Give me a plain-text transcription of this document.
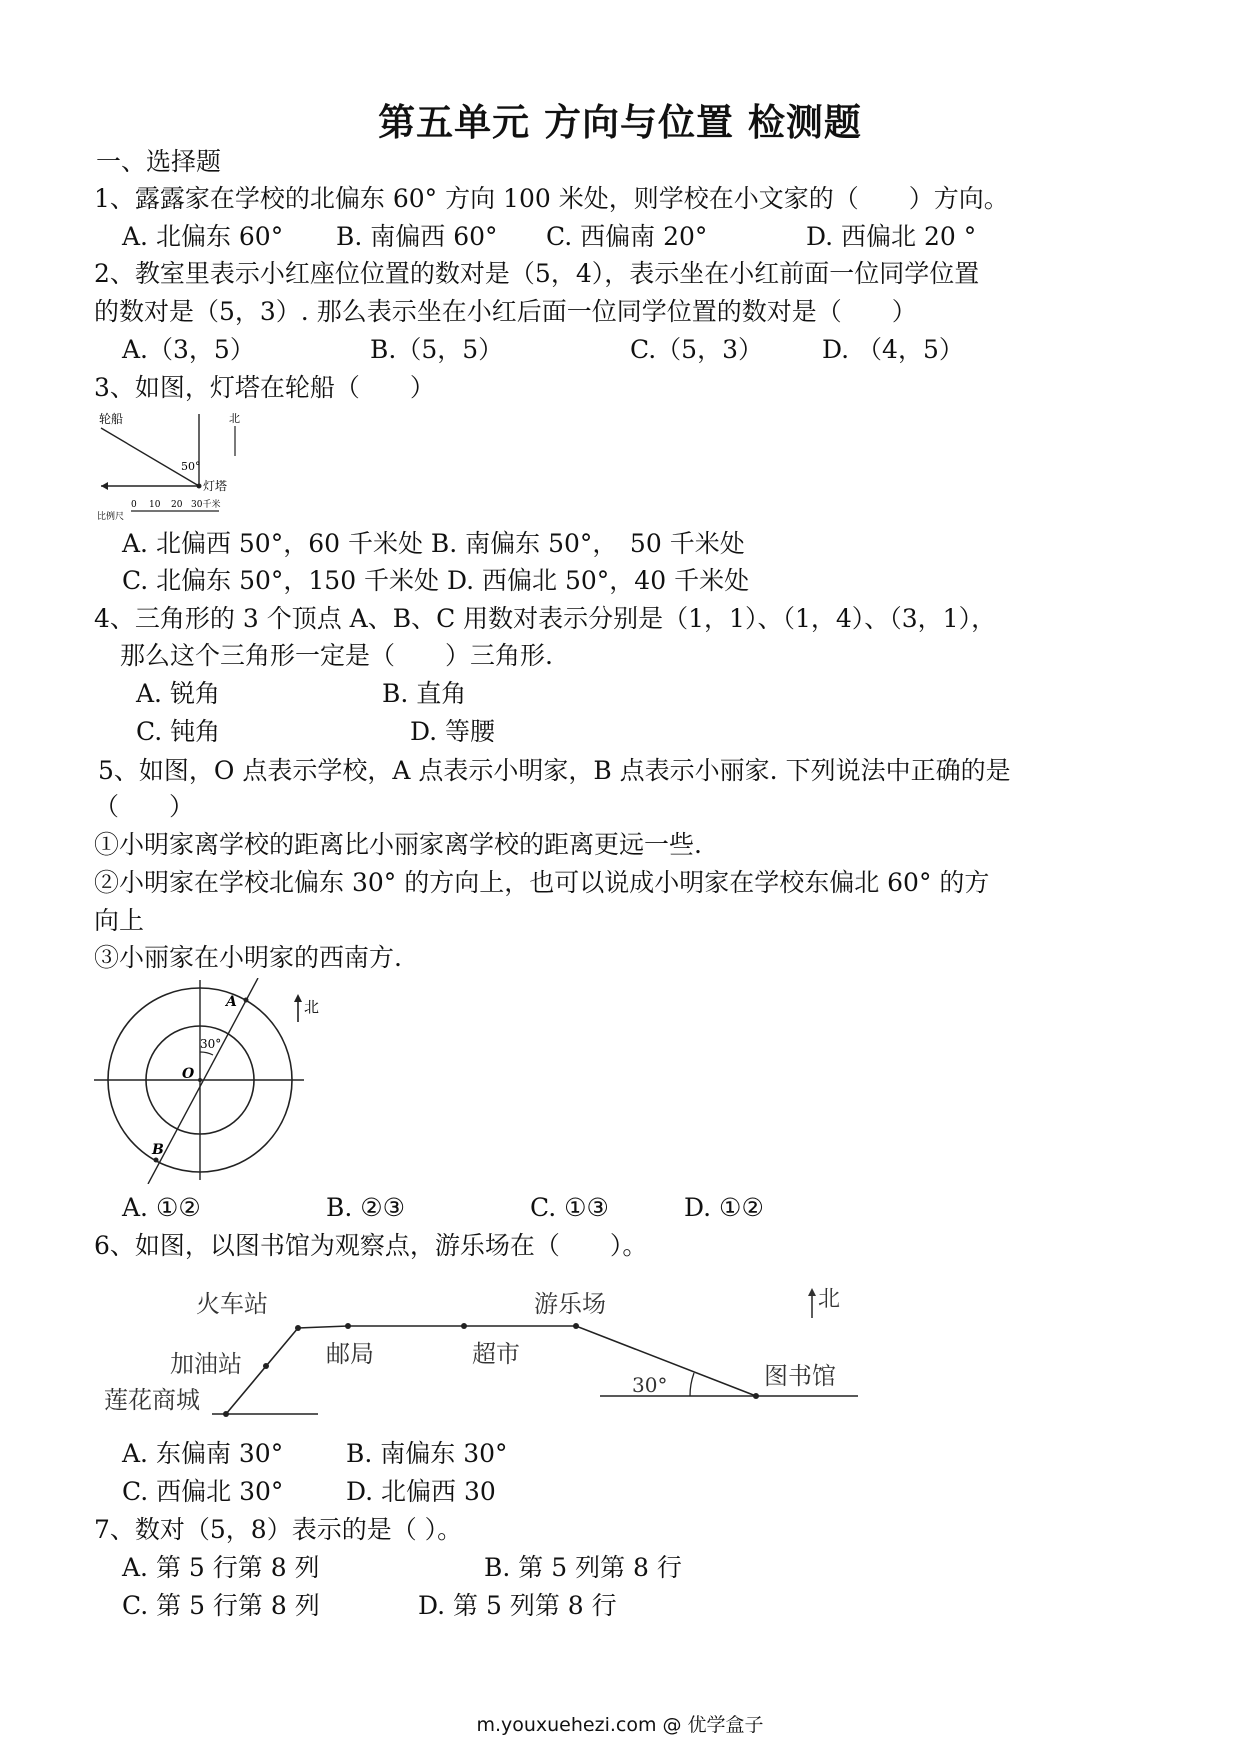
第五单元 方向与位置 检测题
一、选择题
1、露露家在学校的北偏东 60° 方向 100 米处，则学校在小文家的（　　）方向。
A. 北偏东 60° B. 南偏西 60° C. 西偏南 20°	D. 西偏北 20 °
2、教室里表示小红座位位置的数对是（5，4），表示坐在小红前面一位同学位置
的数对是（5，3）. 那么表示坐在小红后面一位同学位置的数对是（　　）
A.（3，5）	B.（5，5）	C.（5，3） D. （4，5）
3、如图，灯塔在轮船（　　）
轮船	北
50°
灯塔
比例尺
0 10 20 30千米
A. 北偏西 50°，60 千米处 B. 南偏东 50°，　50 千米处
C. 北偏东 50°，150 千米处 D. 西偏北 50°，40 千米处
4、三角形的 3 个顶点 A、B、C 用数对表示分别是（1，1）、（1，4）、（3，1），
那么这个三角形一定是（　　）三角形.
A. 锐角	B. 直角
C. 钝角	D. 等腰
5、如图，O 点表示学校，A 点表示小明家，B 点表示小丽家. 下列说法中正确的是
（　　）
①小明家离学校的距离比小丽家离学校的距离更远一些.
②小明家在学校北偏东 30° 的方向上，也可以说成小明家在学校东偏北 60° 的方
向上
③小丽家在小明家的西南方.
A
B
O
30°
北
A. ①②	B. ②③	C. ①③	D. ①②
6、如图，以图书馆为观察点，游乐场在（　　）。
火车站
加油站
莲花商城
邮局	超市
游乐场
图书馆
30°
北
A. 东偏南 30°	B. 南偏东 30°
C. 西偏北 30°	D. 北偏西 30
7、数对（5，8）表示的是（ ）。
A. 第 5 行第 8 列	B. 第 5 列第 8 行
C. 第 5 行第 8 列	D. 第 5 列第 8 行
m.youxuehezi.com @ 优学盒子
